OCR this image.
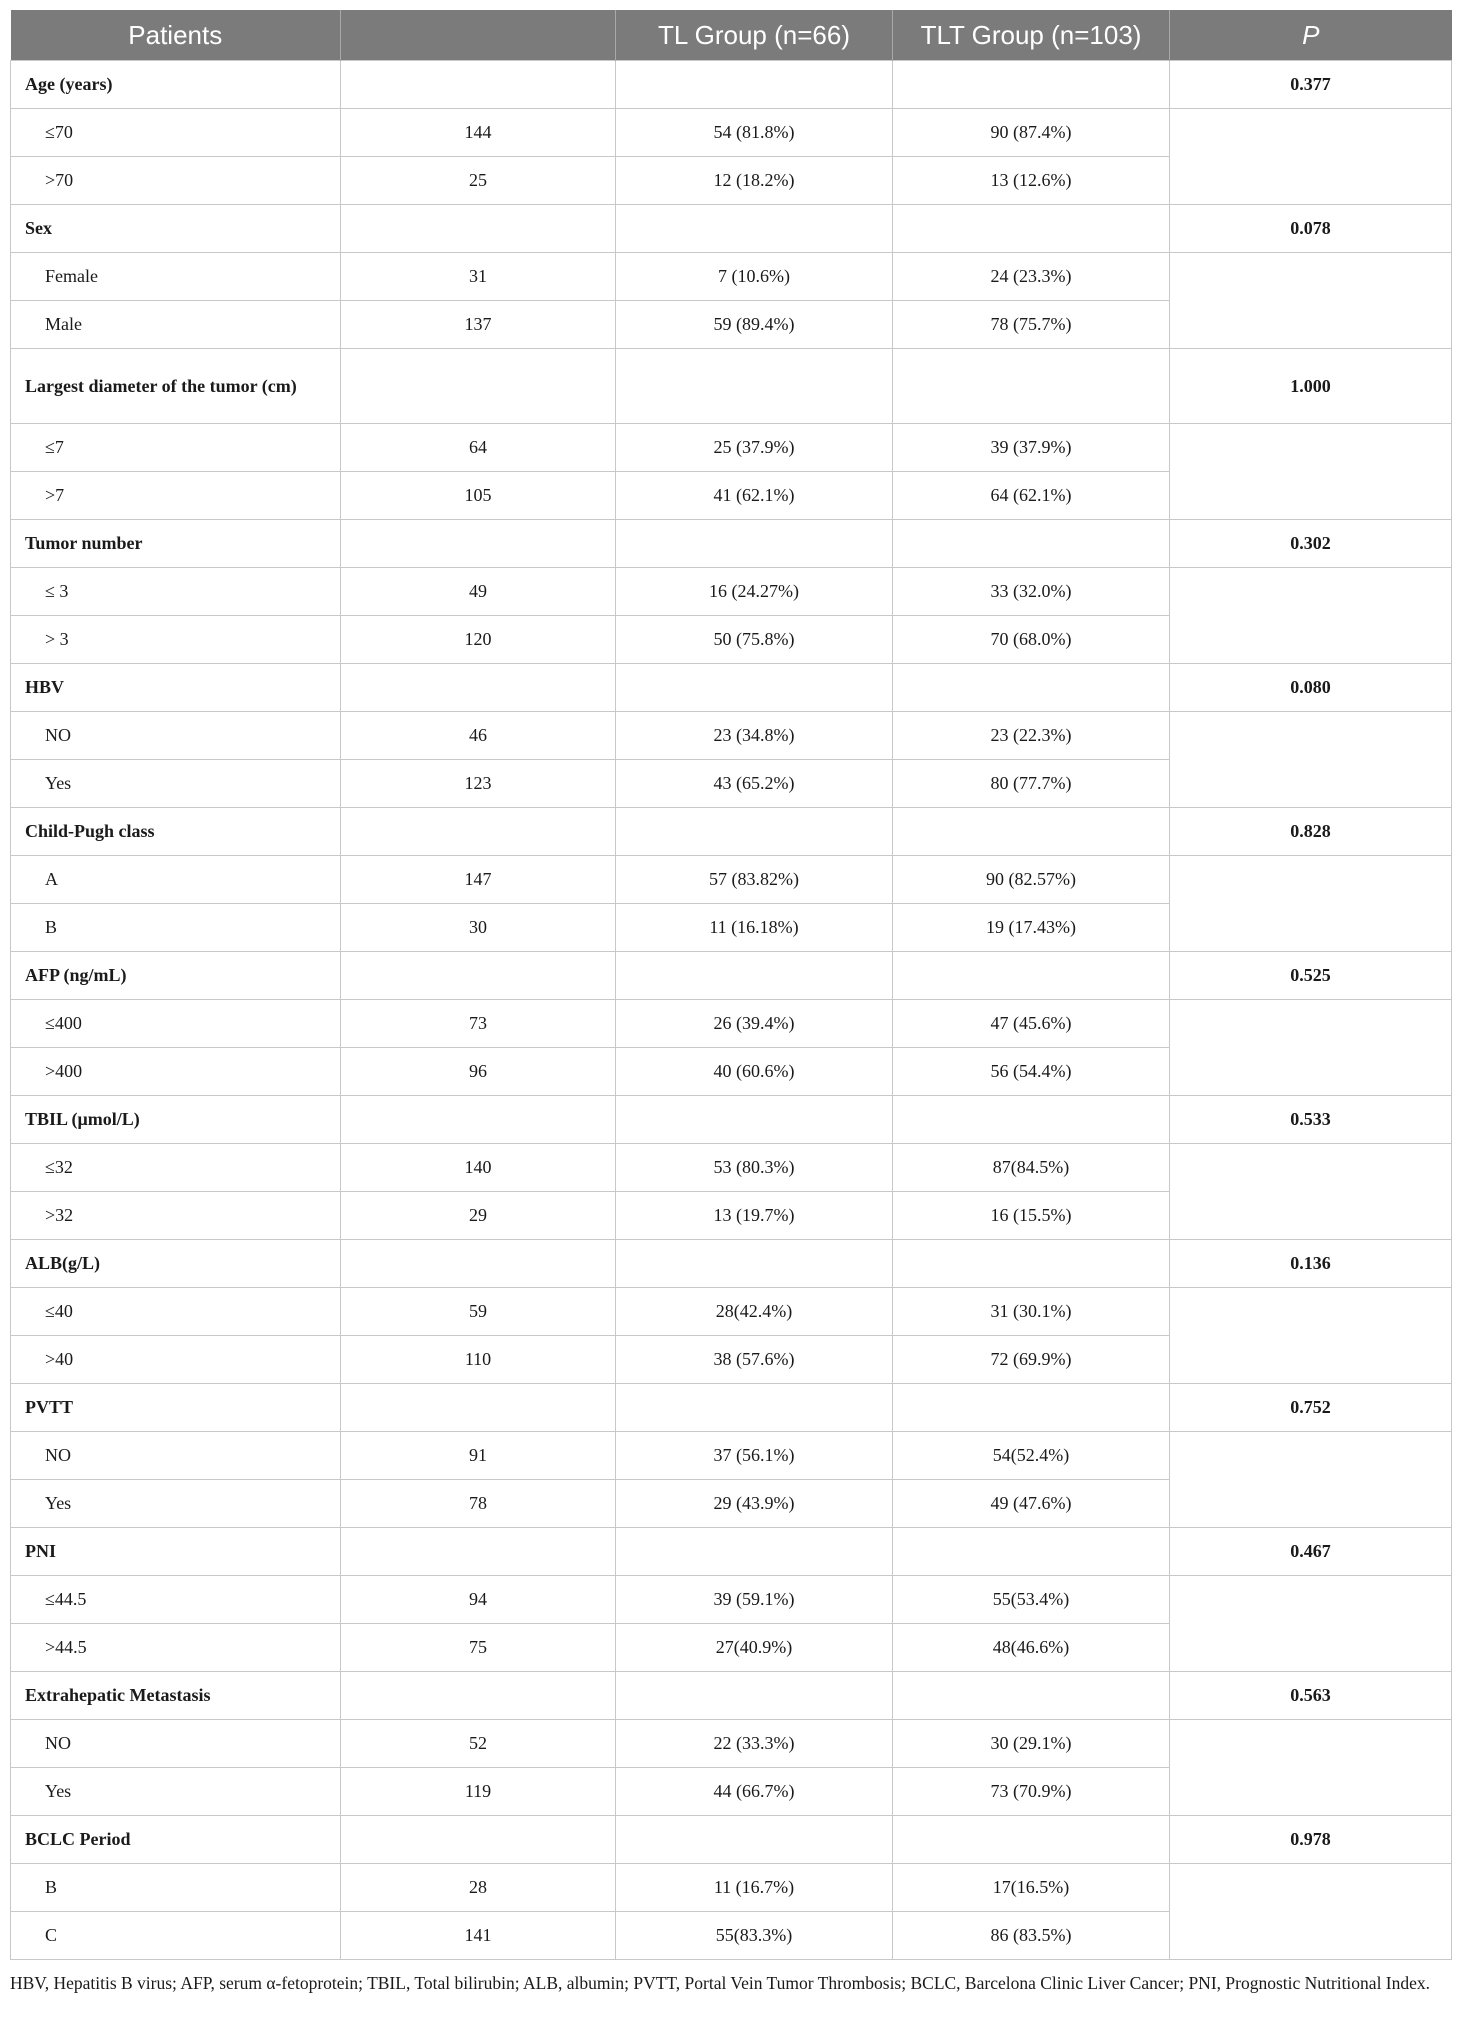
Patients		TL Group (n=66)	TLT Group (n=103)	P
Age (years)				0.377
≤70	144	54 (81.8%)	90 (87.4%)	
>70	25	12 (18.2%)	13 (12.6%)	
Sex				0.078
Female	31	7 (10.6%)	24 (23.3%)	
Male	137	59 (89.4%)	78 (75.7%)	
Largest diameter of the tumor (cm)				1.000
≤7	64	25 (37.9%)	39 (37.9%)	
>7	105	41 (62.1%)	64 (62.1%)	
Tumor number				0.302
≤ 3	49	16 (24.27%)	33 (32.0%)	
> 3	120	50 (75.8%)	70 (68.0%)	
HBV				0.080
NO	46	23 (34.8%)	23 (22.3%)	
Yes	123	43 (65.2%)	80 (77.7%)	
Child-Pugh class				0.828
A	147	57 (83.82%)	90 (82.57%)	
B	30	11 (16.18%)	19 (17.43%)	
AFP (ng/mL)				0.525
≤400	73	26 (39.4%)	47 (45.6%)	
>400	96	40 (60.6%)	56 (54.4%)	
TBIL (μmol/L)				0.533
≤32	140	53 (80.3%)	87(84.5%)	
>32	29	13 (19.7%)	16 (15.5%)	
ALB(g/L)				0.136
≤40	59	28(42.4%)	31 (30.1%)	
>40	110	38 (57.6%)	72 (69.9%)	
PVTT				0.752
NO	91	37 (56.1%)	54(52.4%)	
Yes	78	29 (43.9%)	49 (47.6%)	
PNI				0.467
≤44.5	94	39 (59.1%)	55(53.4%)	
>44.5	75	27(40.9%)	48(46.6%)	
Extrahepatic Metastasis				0.563
NO	52	22 (33.3%)	30 (29.1%)	
Yes	119	44 (66.7%)	73 (70.9%)	
BCLC Period				0.978
B	28	11 (16.7%)	17(16.5%)	
C	141	55(83.3%)	86 (83.5%)	
HBV, Hepatitis B virus; AFP, serum α-fetoprotein; TBIL, Total bilirubin; ALB, albumin; PVTT, Portal Vein Tumor Thrombosis; BCLC, Barcelona Clinic Liver Cancer; PNI, Prognostic Nutritional Index.
